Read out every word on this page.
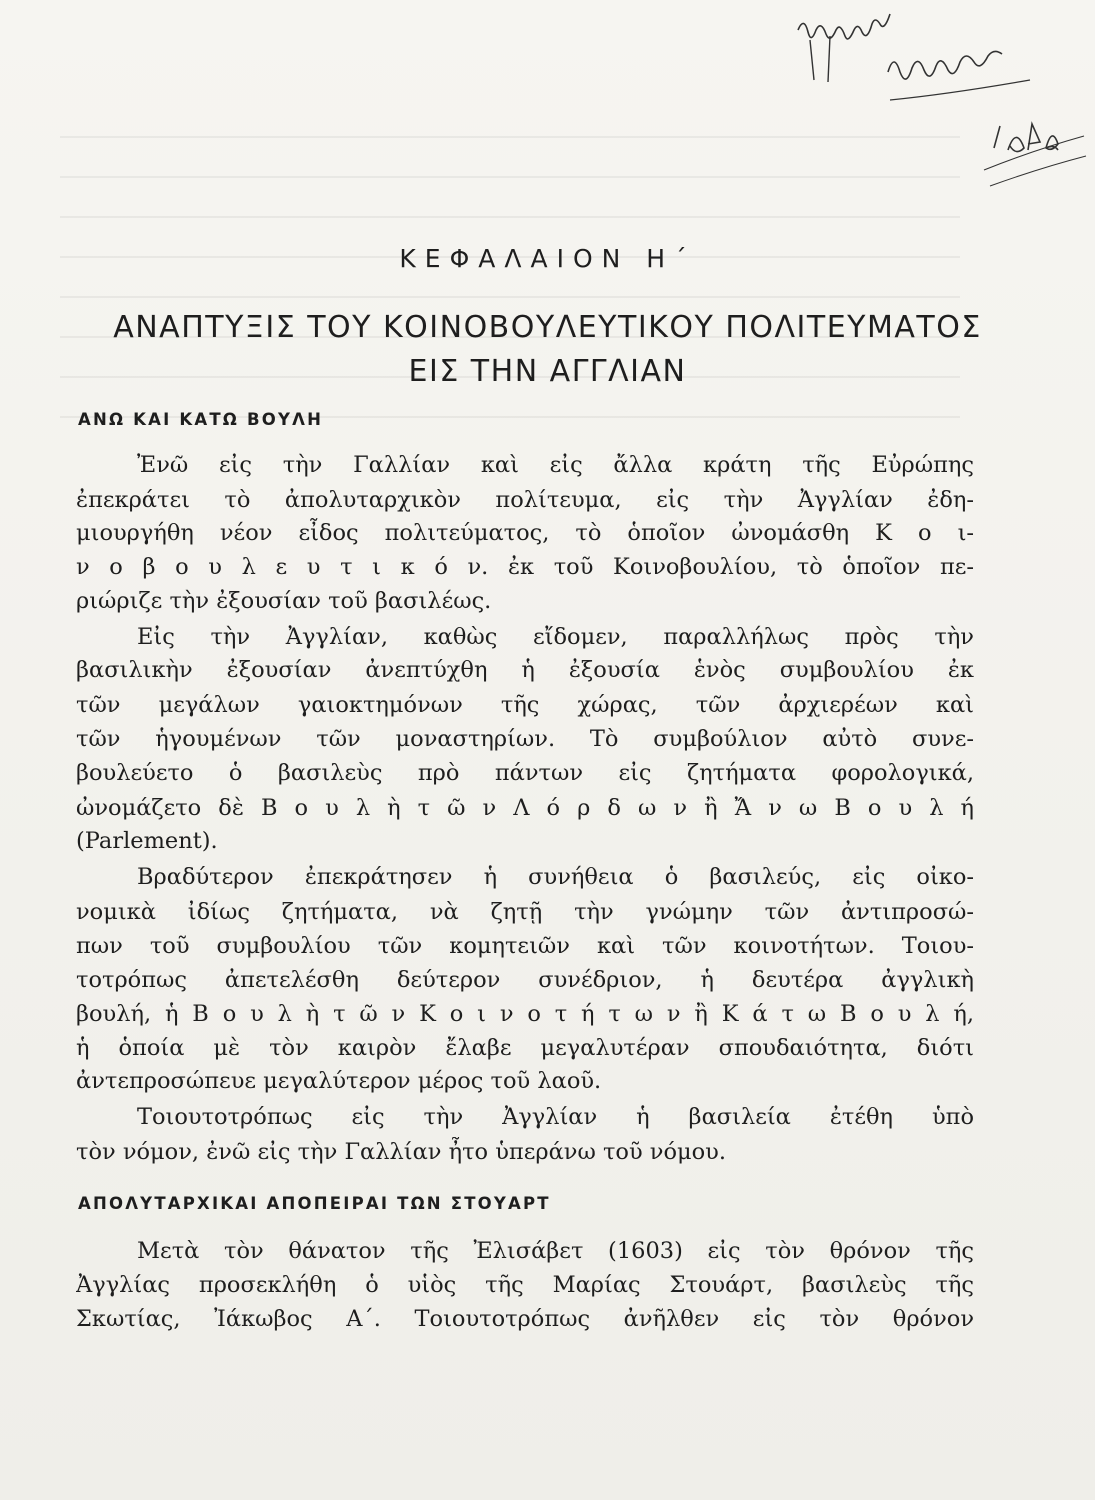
ΚΕΦΑΛΑΙΟΝ Η΄
ΑΝΑΠΤΥΞΙΣ ΤΟΥ ΚΟΙΝΟΒΟΥΛΕΥΤΙΚΟΥ ΠΟΛΙΤΕΥΜΑΤΟΣ
ΕΙΣ ΤΗΝ ΑΓΓΛΙΑΝ
ΑΝΩ ΚΑΙ ΚΑΤΩ ΒΟΥΛΗ
Ἐνῶ εἰς τὴν Γαλλίαν καὶ εἰς ἄλλα κράτη τῆς Εὐρώπης
ἐπεκράτει τὸ ἀπολυταρχικὸν πολίτευμα, εἰς τὴν Ἀγγλίαν ἐδη-
μιουργήθη νέον εἶδος πολιτεύματος, τὸ ὁποῖον ὠνομάσθη Κ ο ι-
ν ο β ο υ λ ε υ τ ι κ ό ν. ἐκ τοῦ Κοινοβουλίου, τὸ ὁποῖον πε-
ριώριζε τὴν ἐξουσίαν τοῦ βασιλέως.
Εἰς τὴν Ἀγγλίαν, καθὼς εἴδομεν, παραλλήλως πρὸς τὴν
βασιλικὴν ἐξουσίαν ἀνεπτύχθη ἡ ἐξουσία ἑνὸς συμβουλίου ἐκ
τῶν μεγάλων γαιοκτημόνων τῆς χώρας, τῶν ἀρχιερέων καὶ
τῶν ἡγουμένων τῶν μοναστηρίων. Τὸ συμβούλιον αὐτὸ συνε-
βουλεύετο ὁ βασιλεὺς πρὸ πάντων εἰς ζητήματα φορολογικά,
ὠνομάζετο δὲ Β ο υ λ ὴ τ ῶ ν Λ ό ρ δ ω ν ἢ Ἄ ν ω Β ο υ λ ή
(Parlement).
Βραδύτερον ἐπεκράτησεν ἡ συνήθεια ὁ βασιλεύς, εἰς οἰκο-
νομικὰ ἰδίως ζητήματα, νὰ ζητῇ τὴν γνώμην τῶν ἀντιπροσώ-
πων τοῦ συμβουλίου τῶν κομητειῶν καὶ τῶν κοινοτήτων. Τοιου-
τοτρόπως ἀπετελέσθη δεύτερον συνέδριον, ἡ δευτέρα ἀγγλικὴ
βουλή, ἡ Β ο υ λ ὴ τ ῶ ν Κ ο ι ν ο τ ή τ ω ν ἢ Κ ά τ ω Β ο υ λ ή,
ἡ ὁποία μὲ τὸν καιρὸν ἔλαβε μεγαλυτέραν σπουδαιότητα, διότι
ἀντεπροσώπευε μεγαλύτερον μέρος τοῦ λαοῦ.
Τοιουτοτρόπως εἰς τὴν Ἀγγλίαν ἡ βασιλεία ἐτέθη ὑπὸ
τὸν νόμον, ἐνῶ εἰς τὴν Γαλλίαν ἦτο ὑπεράνω τοῦ νόμου.
ΑΠΟΛΥΤΑΡΧΙΚΑΙ ΑΠΟΠΕΙΡΑΙ ΤΩΝ ΣΤΟΥΑΡΤ
Μετὰ τὸν θάνατον τῆς Ἐλισάβετ (1603) εἰς τὸν θρόνον τῆς
Ἀγγλίας προσεκλήθη ὁ υἱὸς τῆς Μαρίας Στουάρτ, βασιλεὺς τῆς
Σκωτίας, Ἰάκωβος Α΄. Τοιουτοτρόπως ἀνῆλθεν εἰς τὸν θρόνον
